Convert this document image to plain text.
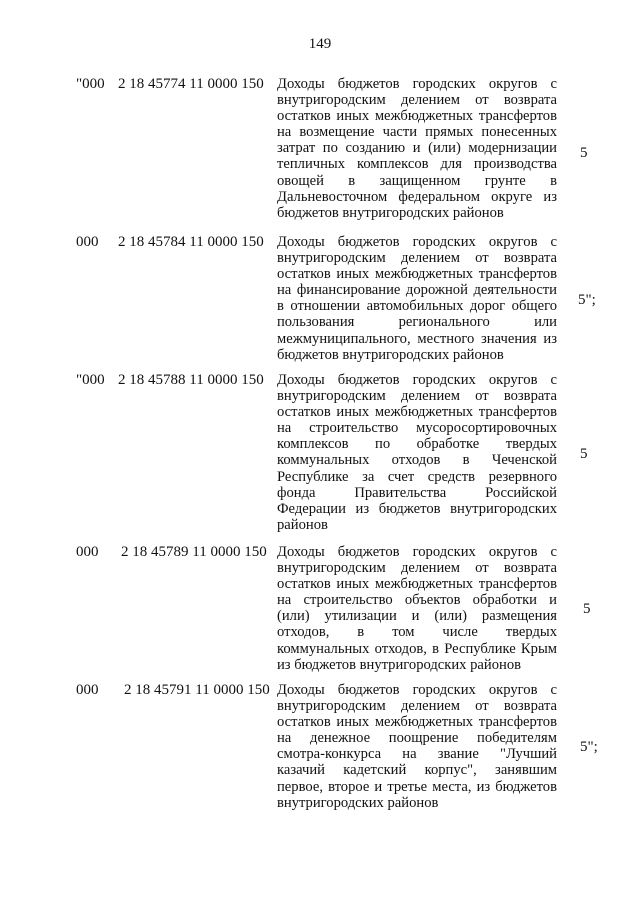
149
"000 2 18 45774 11 0000 150 Доходы бюджетов городских округов с
внутригородским делением от возврата
остатков иных межбюджетных трансфертов
на возмещение части прямых понесенных
затрат по созданию и (или) модернизации
тепличных комплексов для производства
овощей в защищенном грунте в
Дальневосточном федеральном округе из
бюджетов внутригородских районов
5
000 2 18 45784 11 0000 150 Доходы бюджетов городских округов с
внутригородским делением от возврата
остатков иных межбюджетных трансфертов
на финансирование дорожной деятельности
в отношении автомобильных дорог общего
пользования регионального или
межмуниципального, местного значения из
бюджетов внутригородских районов
5";
"000 2 18 45788 11 0000 150 Доходы бюджетов городских округов с
внутригородским делением от возврата
остатков иных межбюджетных трансфертов
на строительство мусоросортировочных
комплексов по обработке твердых
коммунальных отходов в Чеченской
Республике за счет средств резервного
фонда Правительства Российской
Федерации из бюджетов внутригородских
районов
5
000 2 18 45789 11 0000 150 Доходы бюджетов городских округов с
внутригородским делением от возврата
остатков иных межбюджетных трансфертов
на строительство объектов обработки и
(или) утилизации и (или) размещения
отходов, в том числе твердых
коммунальных отходов, в Республике Крым
из бюджетов внутригородских районов
5
000 2 18 45791 11 0000 150 Доходы бюджетов городских округов с
внутригородским делением от возврата
остатков иных межбюджетных трансфертов
на денежное поощрение победителям
смотра-конкурса на звание "Лучший
казачий кадетский корпус", занявшим
первое, второе и третье места, из бюджетов
внутригородских районов
5";
